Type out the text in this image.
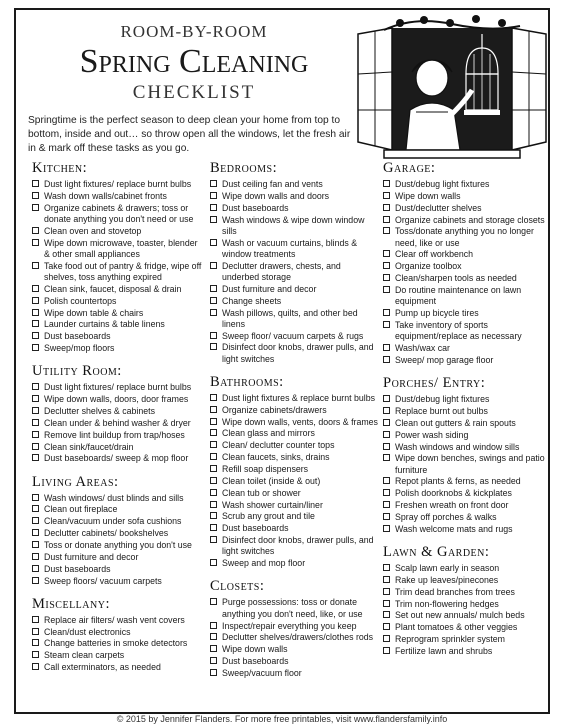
ROOM-BY-ROOM
Spring Cleaning
CHECKLIST
Springtime is the perfect season to deep clean your home from top to bottom, inside and out… so throw open all the windows, let the fresh air in & mark off these tasks as you go.
Kitchen:
Dust light fixtures/ replace burnt bulbs
Wash down walls/cabinet fronts
Organize cabinets & drawers; toss or donate anything you don't need or use
Clean oven and stovetop
Wipe down microwave, toaster, blender & other small appliances
Take food out of pantry & fridge, wipe off shelves, toss anything expired
Clean sink, faucet, disposal & drain
Polish countertops
Wipe down table & chairs
Launder curtains & table linens
Dust baseboards
Sweep/mop floors
Utility Room:
Dust light fixtures/ replace burnt bulbs
Wipe down walls, doors, door frames
Declutter shelves & cabinets
Clean under & behind washer & dryer
Remove lint buildup from trap/hoses
Clean sink/faucet/drain
Dust baseboards/ sweep & mop floor
Living Areas:
Wash windows/ dust blinds and sills
Clean out fireplace
Clean/vacuum under sofa cushions
Declutter cabinets/ bookshelves
Toss or donate anything you don't use
Dust furniture and decor
Dust baseboards
Sweep floors/ vacuum carpets
Miscellany:
Replace air filters/ wash vent covers
Clean/dust electronics
Change batteries in smoke detectors
Steam clean carpets
Call exterminators, as needed
Bedrooms:
Dust ceiling fan and vents
Wipe down walls and doors
Dust baseboards
Wash windows & wipe down window sills
Wash or vacuum curtains, blinds & window treatments
Declutter drawers, chests, and underbed storage
Dust furniture and decor
Change sheets
Wash pillows, quilts, and other bed linens
Sweep floor/ vacuum carpets & rugs
Disinfect door knobs, drawer pulls, and light switches
Bathrooms:
Dust light fixtures & replace burnt bulbs
Organize cabinets/drawers
Wipe down walls, vents, doors & frames
Clean glass and mirrors
Clean/ declutter counter tops
Clean faucets, sinks, drains
Refill soap dispensers
Clean toilet (inside & out)
Clean tub or shower
Wash shower curtain/liner
Scrub any grout and tile
Dust baseboards
Disinfect door knobs, drawer pulls, and light switches
Sweep and mop floor
Closets:
Purge possessions: toss or donate anything you don't need, like, or use
Inspect/repair everything you keep
Declutter shelves/drawers/clothes rods
Wipe down walls
Dust baseboards
Sweep/vacuum floor
Garage:
Dust/debug light fixtures
Wipe down walls
Dust/declutter shelves
Organize cabinets and storage closets
Toss/donate anything you no longer need, like or use
Clear off workbench
Organize toolbox
Clean/sharpen tools as needed
Do routine maintenance on lawn equipment
Pump up bicycle tires
Take inventory of sports equipment/replace as necessary
Wash/wax car
Sweep/ mop garage floor
Porches/ Entry:
Dust/debug light fixtures
Replace burnt out bulbs
Clean out gutters & rain spouts
Power wash siding
Wash windows and window sills
Wipe down benches, swings and patio furniture
Repot plants & ferns, as needed
Polish doorknobs & kickplates
Freshen wreath on front door
Spray off porches & walks
Wash welcome mats and rugs
Lawn & Garden:
Scalp lawn early in season
Rake up leaves/pinecones
Trim dead branches from trees
Trim non-flowering hedges
Set out new annuals/ mulch beds
Plant tomatoes & other veggies
Reprogram sprinkler system
Fertilize lawn and shrubs
© 2015 by Jennifer Flanders. For more free printables, visit www.flandersfamily.info
